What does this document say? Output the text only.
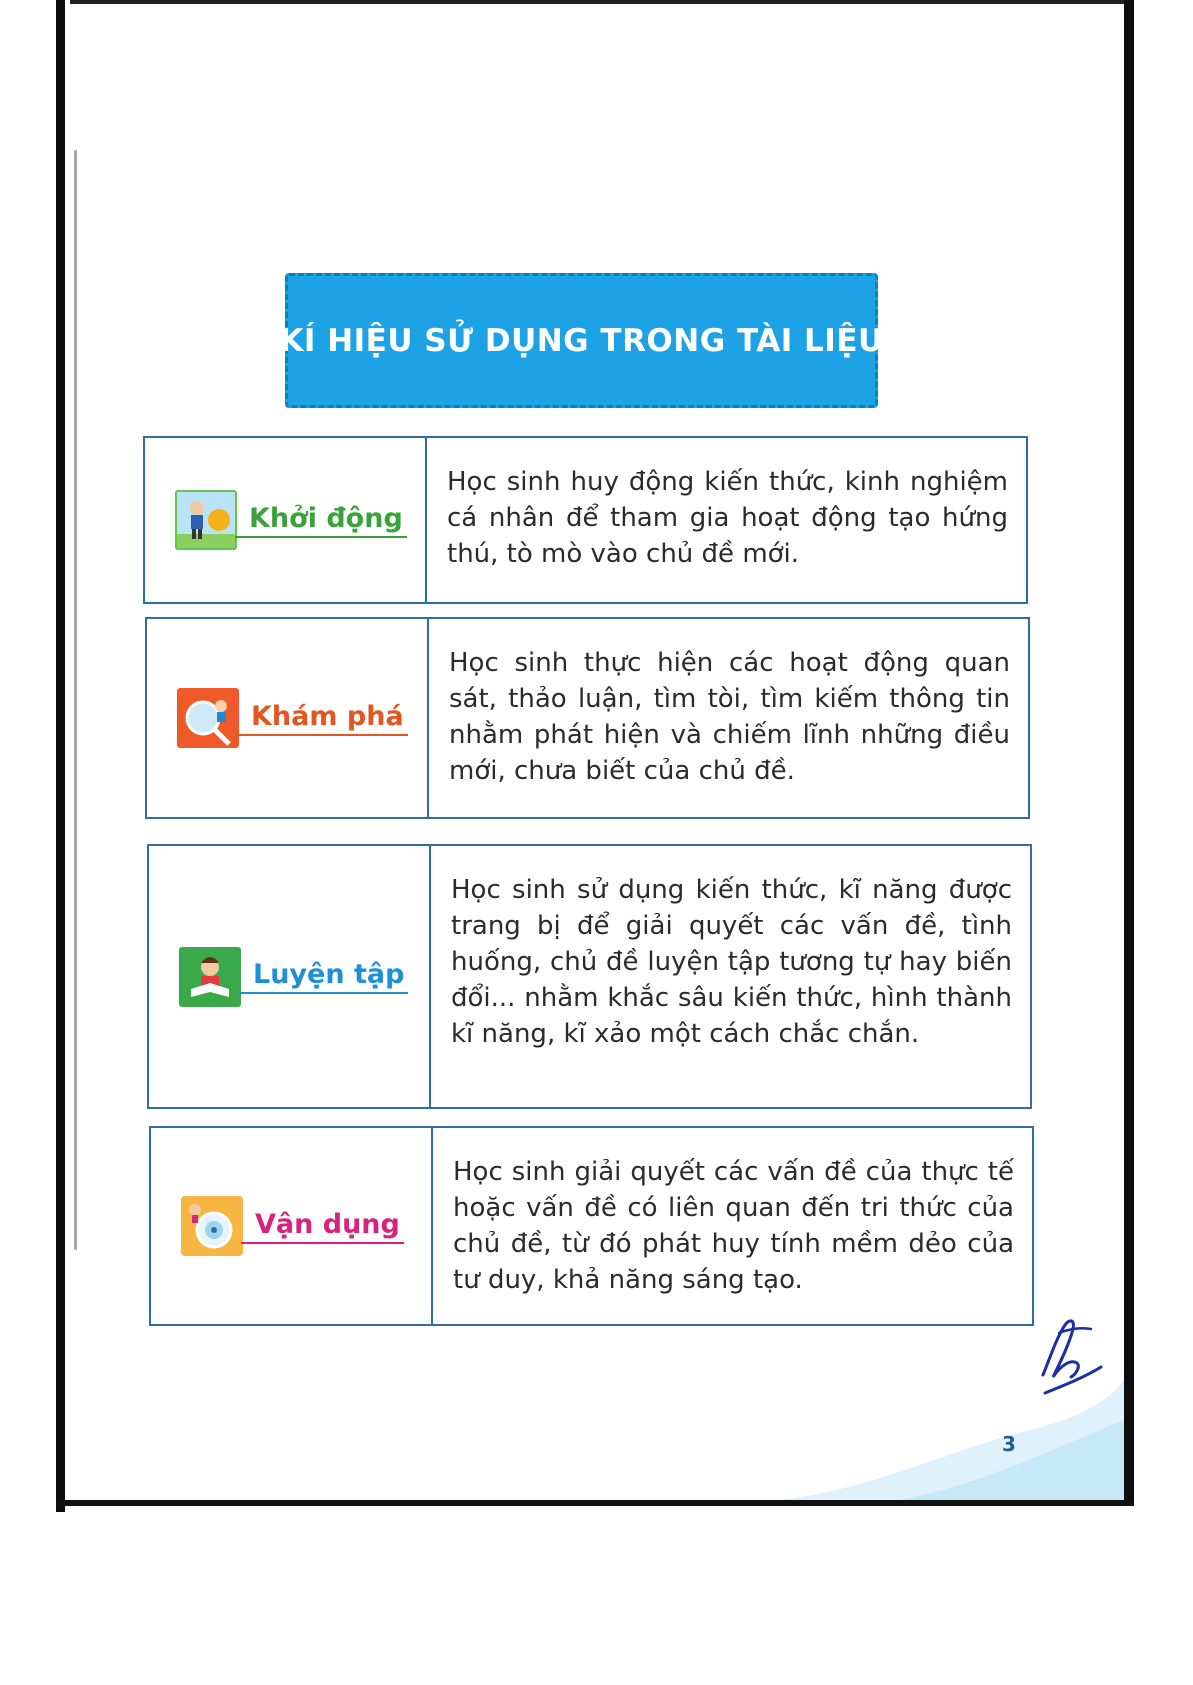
KÍ HIỆU SỬ DỤNG TRONG TÀI LIỆU
Khởi động
Học sinh huy động kiến thức, kinh nghiệm cá nhân để tham gia hoạt động tạo hứng thú, tò mò vào chủ đề mới.
Khám phá
Học sinh thực hiện các hoạt động quan sát, thảo luận, tìm tòi, tìm kiếm thông tin nhằm phát hiện và chiếm lĩnh những điều mới, chưa biết của chủ đề.
Luyện tập
Học sinh sử dụng kiến thức, kĩ năng được trang bị để giải quyết các vấn đề, tình huống, chủ đề luyện tập tương tự hay biến đổi... nhằm khắc sâu kiến thức, hình thành kĩ năng, kĩ xảo một cách chắc chắn.
Vận dụng
Học sinh giải quyết các vấn đề của thực tế hoặc vấn đề có liên quan đến tri thức của chủ đề, từ đó phát huy tính mềm dẻo của tư duy, khả năng sáng tạo.
3
